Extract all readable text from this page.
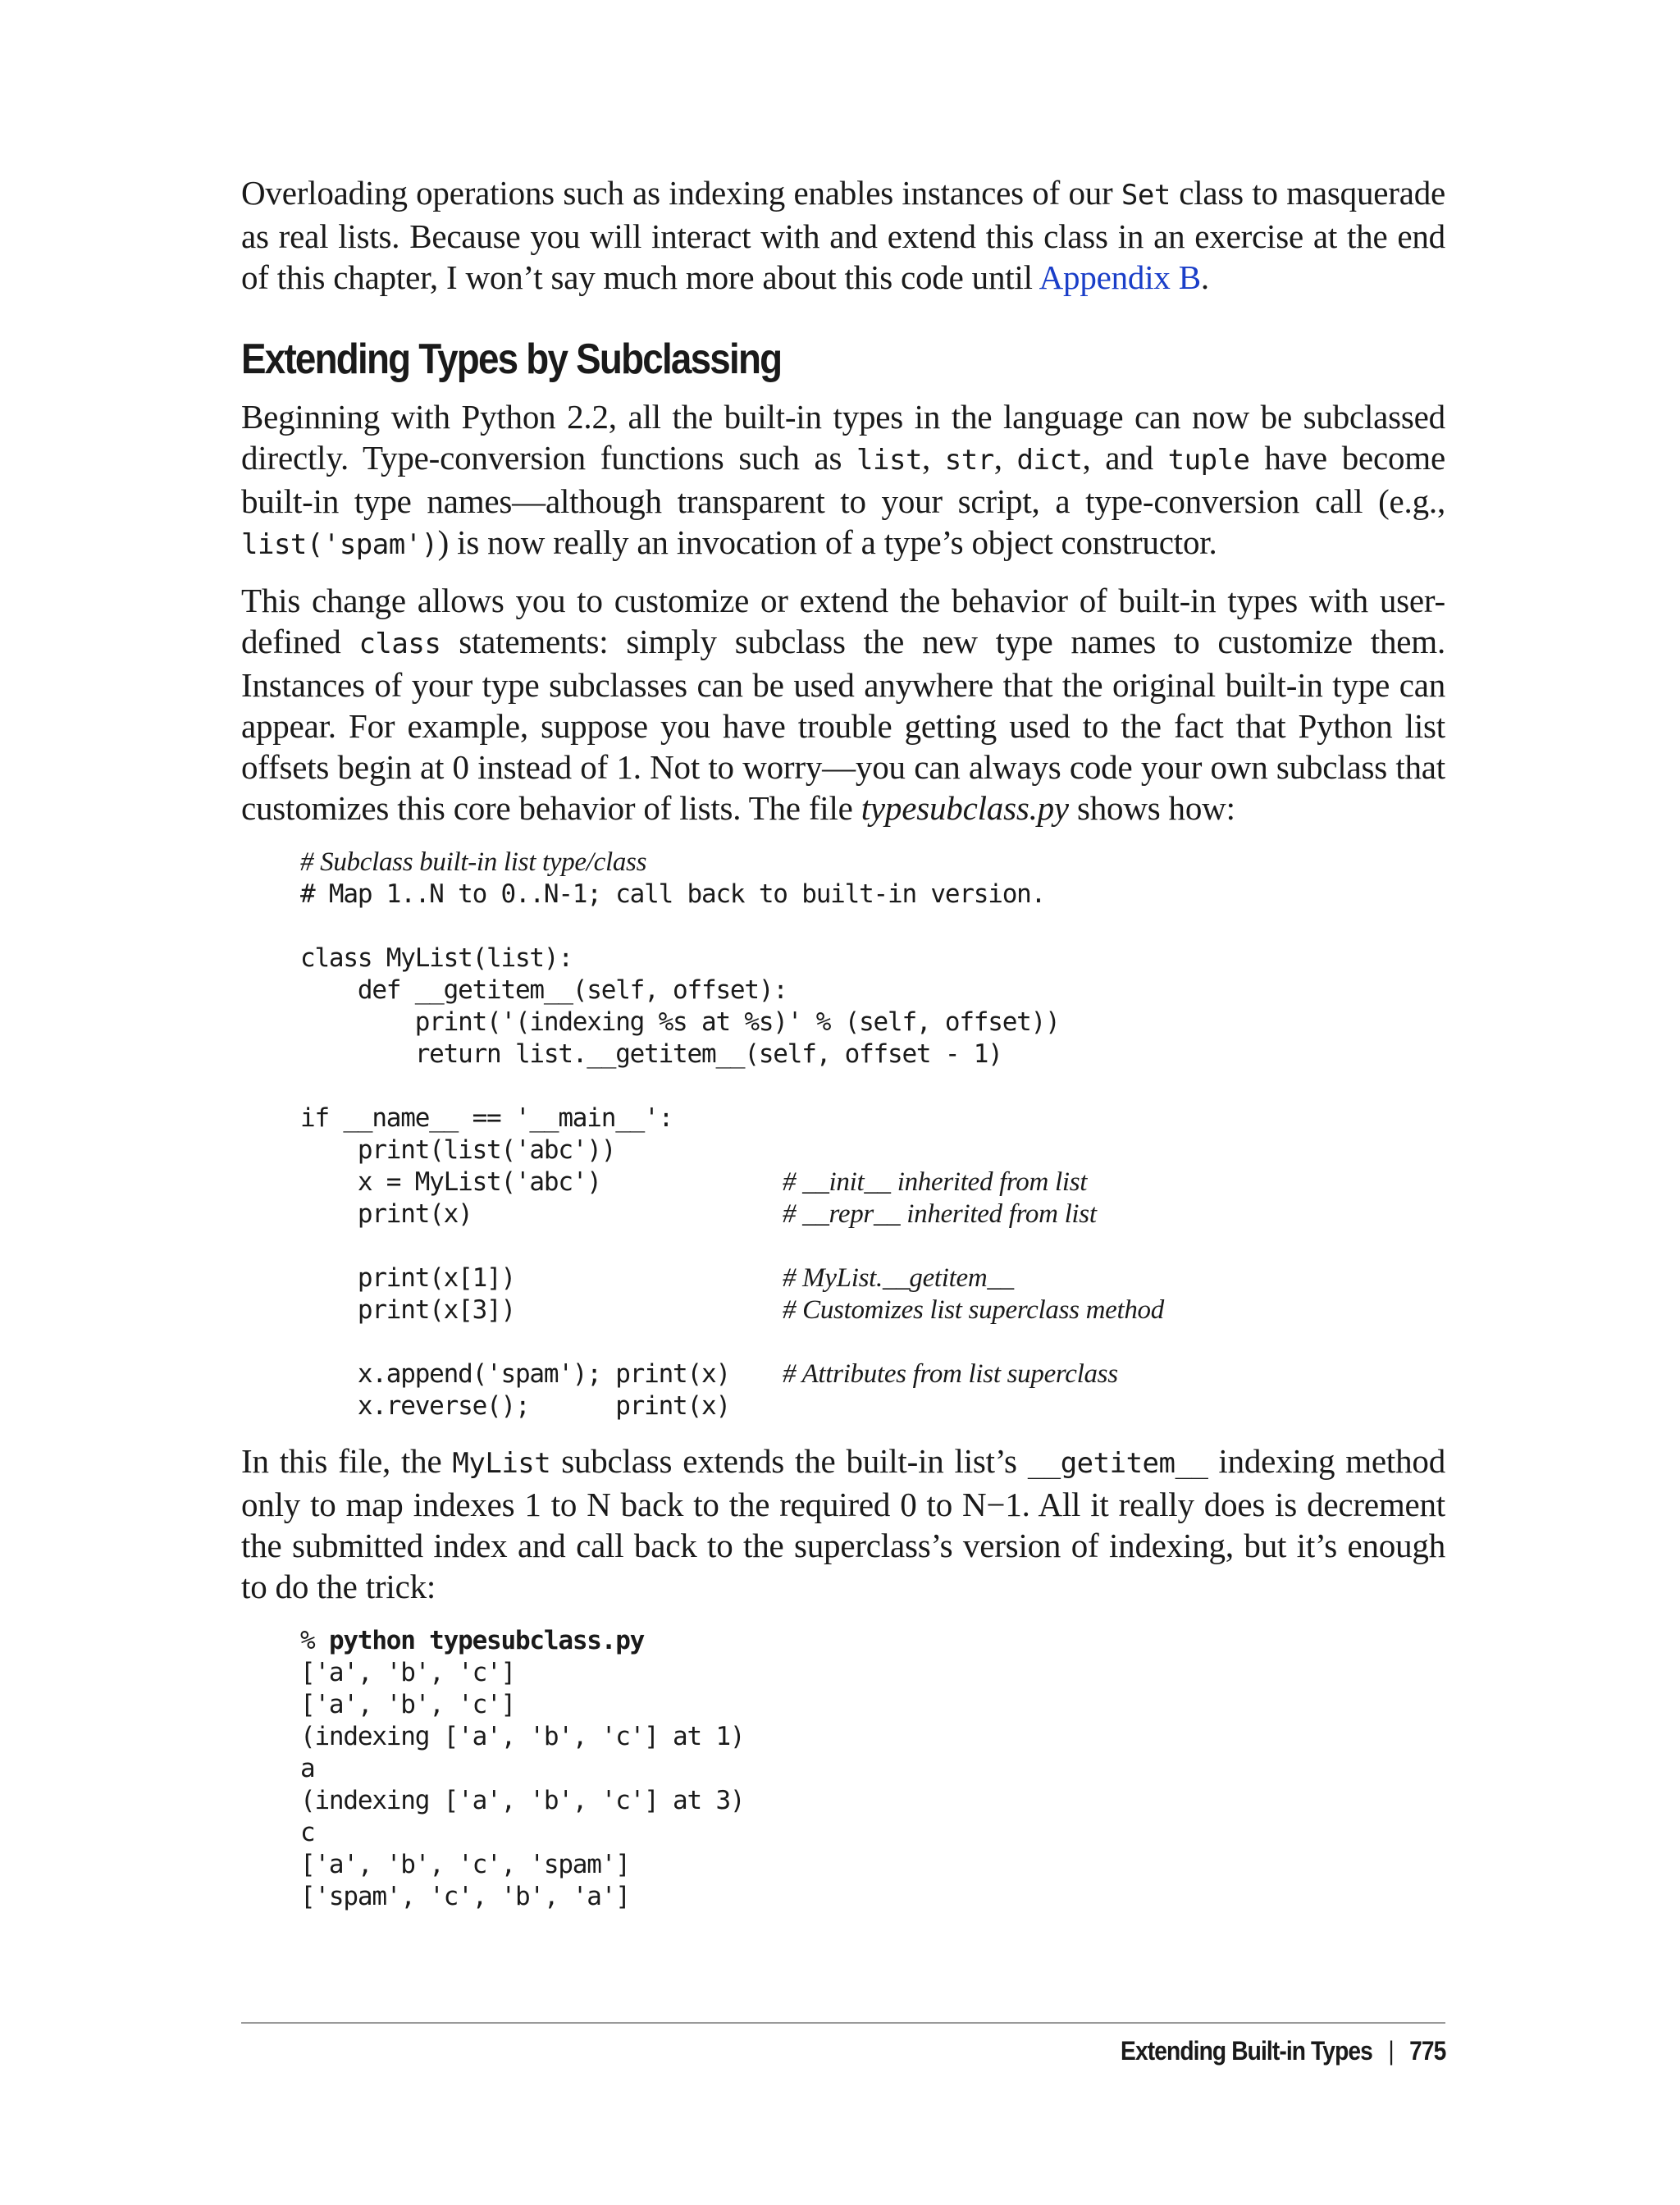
Overloading operations such as indexing enables instances of our Set class to masquerade as real lists. Because you will interact with and extend this class in an exercise at the end of this chapter, I won’t say much more about this code until Appendix B.

Extending Types by Subclassing

Beginning with Python 2.2, all the built-in types in the language can now be subclassed directly. Type-conversion functions such as list, str, dict, and tuple have become built-in type names—although transparent to your script, a type-conversion call (e.g., list('spam')) is now really an invocation of a type’s object constructor.

This change allows you to customize or extend the behavior of built-in types with user-defined class statements: simply subclass the new type names to customize them. Instances of your type subclasses can be used anywhere that the original built-in type can appear. For example, suppose you have trouble getting used to the fact that Python list offsets begin at 0 instead of 1. Not to worry—you can always code your own subclass that customizes this core behavior of lists. The file typesubclass.py shows how:

# Subclass built-in list type/class
# Map 1..N to 0..N-1; call back to built-in version.
class MyList(list):
def __getitem__(self, offset):
print('(indexing %s at %s)' % (self, offset))
return list.__getitem__(self, offset - 1)
if __name__ == '__main__':
print(list('abc'))
x = MyList('abc')	# __init__ inherited from list
print(x)	# __repr__ inherited from list
print(x[1])	# MyList.__getitem__
print(x[3])	# Customizes list superclass method
x.append('spam'); print(x) # Attributes from list superclass
x.reverse();      print(x)

In this file, the MyList subclass extends the built-in list’s __getitem__ indexing method only to map indexes 1 to N back to the required 0 to N−1. All it really does is decrement the submitted index and call back to the superclass’s version of indexing, but it’s enough to do the trick:

% python typesubclass.py
['a', 'b', 'c']
['a', 'b', 'c']
(indexing ['a', 'b', 'c'] at 1)
a
(indexing ['a', 'b', 'c'] at 3)
c
['a', 'b', 'c', 'spam']
['spam', 'c', 'b', 'a']
Extending Built-in Types | 775
